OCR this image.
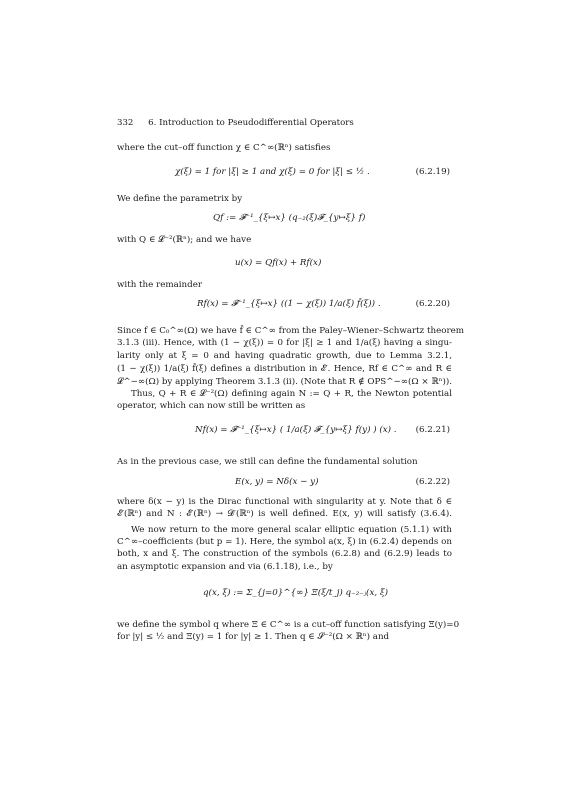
332 6. Introduction to Pseudodifferential Operators
where the cut–off function χ ∈ C^∞(ℝⁿ) satisfies
χ(ξ) = 1 for |ξ| ≥ 1 and χ(ξ) = 0 for |ξ| ≤ ½ .	(6.2.19)
We define the parametrix by
Qf := 𝓕⁻¹_{ξ↦x} (q₋₂(ξ)𝓕_{y↦ξ} f)
with Q ∈ 𝓛⁻²(ℝⁿ); and we have
u(x) = Qf(x) + Rf(x)
with the remainder
Rf(x) = 𝓕⁻¹_{ξ↦x} ((1 − χ(ξ)) 1/a(ξ) f̂(ξ)) .	(6.2.20)
Since f ∈ C₀^∞(Ω) we have f̂ ∈ C^∞ from the Paley–Wiener–Schwartz theorem
3.1.3 (iii). Hence, with (1 − χ(ξ)) = 0 for |ξ| ≥ 1 and 1/a(ξ) having a singu-
larity only at ξ = 0 and having quadratic growth, due to Lemma 3.2.1,
(1 − χ(ξ)) 1/a(ξ) f̂(ξ) defines a distribution in 𝓔′. Hence, Rf ∈ C^∞ and R ∈
𝓛^−∞(Ω) by applying Theorem 3.1.3 (ii). (Note that R ∉ OPS^−∞(Ω × ℝⁿ)).
Thus, Q + R ∈ 𝓛⁻²(Ω) defining again N := Q + R, the Newton potential
operator, which can now still be written as
Nf(x) = 𝓕⁻¹_{ξ↦x} ( 1/a(ξ) 𝓕_{y↦ξ} f(y) ) (x) . (6.2.21)
As in the previous case, we still can define the fundamental solution
E(x, y) = Nδ(x − y)	(6.2.22)
where δ(x − y) is the Dirac functional with singularity at y. Note that δ ∈
𝓔′(ℝⁿ) and N : 𝓔′(ℝⁿ) → 𝓓′(ℝⁿ) is well defined. E(x, y) will satisfy (3.6.4).
We now return to the more general scalar elliptic equation (5.1.1) with
C^∞–coefficients (but p = 1). Here, the symbol a(x, ξ) in (6.2.4) depends on
both, x and ξ. The construction of the symbols (6.2.8) and (6.2.9) leads to
an asymptotic expansion and via (6.1.18), i.e., by
q(x, ξ) := Σ_{j=0}^{∞} Ξ(ξ/t_j) q₋₂₋ⱼ(x, ξ)
we define the symbol q where Ξ ∈ C^∞ is a cut–off function satisfying Ξ(y)=0
for |y| ≤ ½ and Ξ(y) = 1 for |y| ≥ 1. Then q ∈ 𝓢⁻²(Ω × ℝⁿ) and
